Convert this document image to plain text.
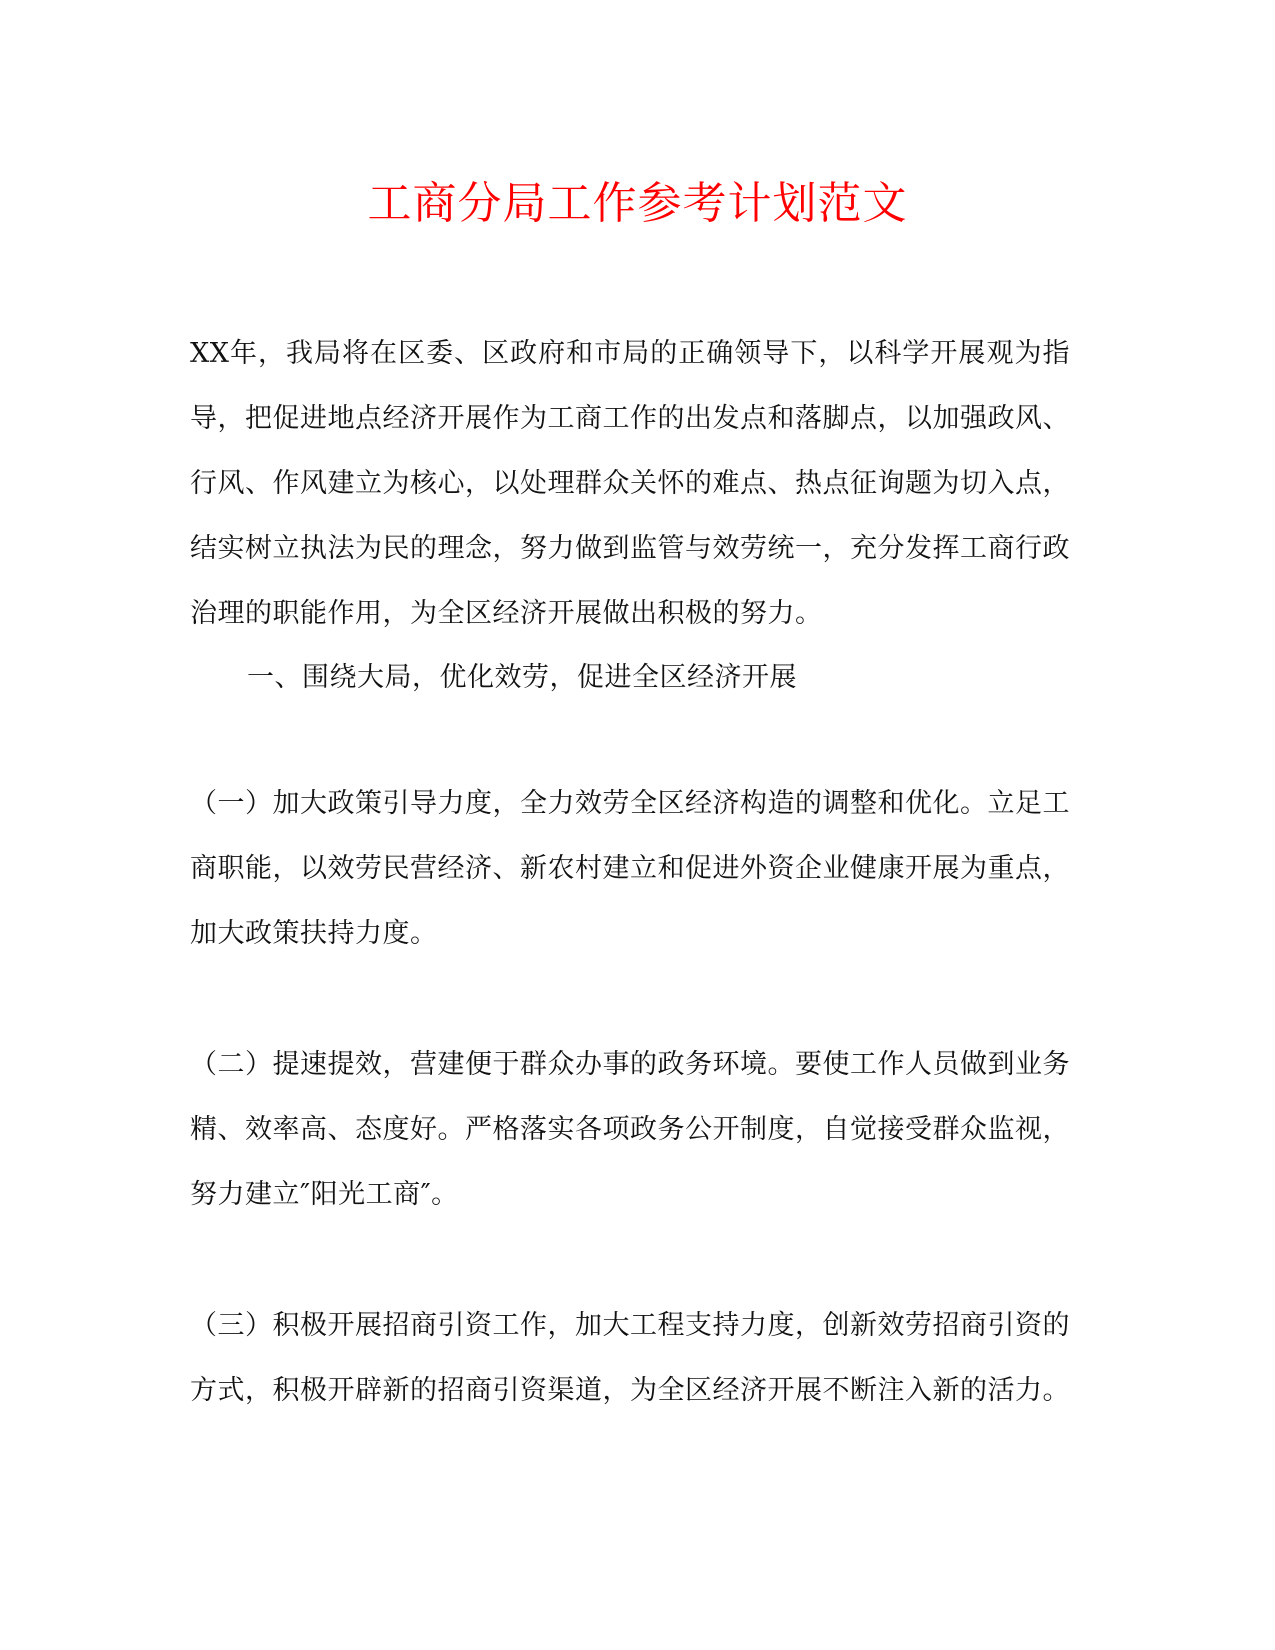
工商分局工作参考计划范文

XX年，我局将在区委、区政府和市局的正确领导下，以科学开展观为指导，把促进地点经济开展作为工商工作的出发点和落脚点，以加强政风、行风、作风建立为核心，以处理群众关怀的难点、热点征询题为切入点，结实树立执法为民的理念，努力做到监管与效劳统一，充分发挥工商行政治理的职能作用，为全区经济开展做出积极的努力。

一、围绕大局，优化效劳，促进全区经济开展

（一）加大政策引导力度，全力效劳全区经济构造的调整和优化。立足工商职能，以效劳民营经济、新农村建立和促进外资企业健康开展为重点，加大政策扶持力度。

（二）提速提效，营建便于群众办事的政务环境。要使工作人员做到业务精、效率高、态度好。严格落实各项政务公开制度，自觉接受群众监视，努力建立″阳光工商″。

（三）积极开展招商引资工作，加大工程支持力度，创新效劳招商引资的方式，积极开辟新的招商引资渠道，为全区经济开展不断注入新的活力。
